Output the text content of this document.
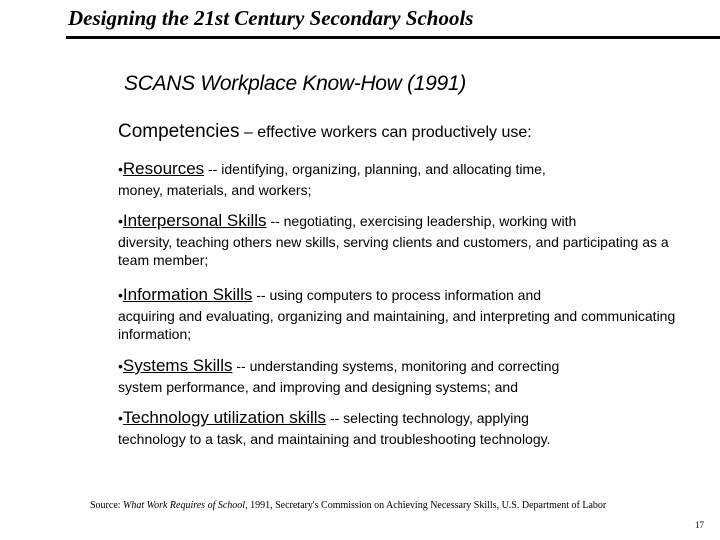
Designing the 21st Century Secondary Schools
SCANS Workplace Know-How (1991)
Competencies – effective workers can productively use:
•Resources -- identifying, organizing, planning, and allocating time,
money, materials, and workers;
•Interpersonal Skills -- negotiating, exercising leadership, working with
diversity, teaching others new skills, serving clients and customers, and participating as a team member;
•Information Skills -- using computers to process information and
acquiring and evaluating, organizing and maintaining, and interpreting and communicating information;
•Systems Skills -- understanding systems, monitoring and correcting
system performance, and improving and designing systems; and
•Technology utilization skills -- selecting technology, applying
technology to a task, and maintaining and troubleshooting technology.
Source: What Work Requires of School, 1991, Secretary's Commission on Achieving Necessary Skills, U.S. Department of Labor
17
